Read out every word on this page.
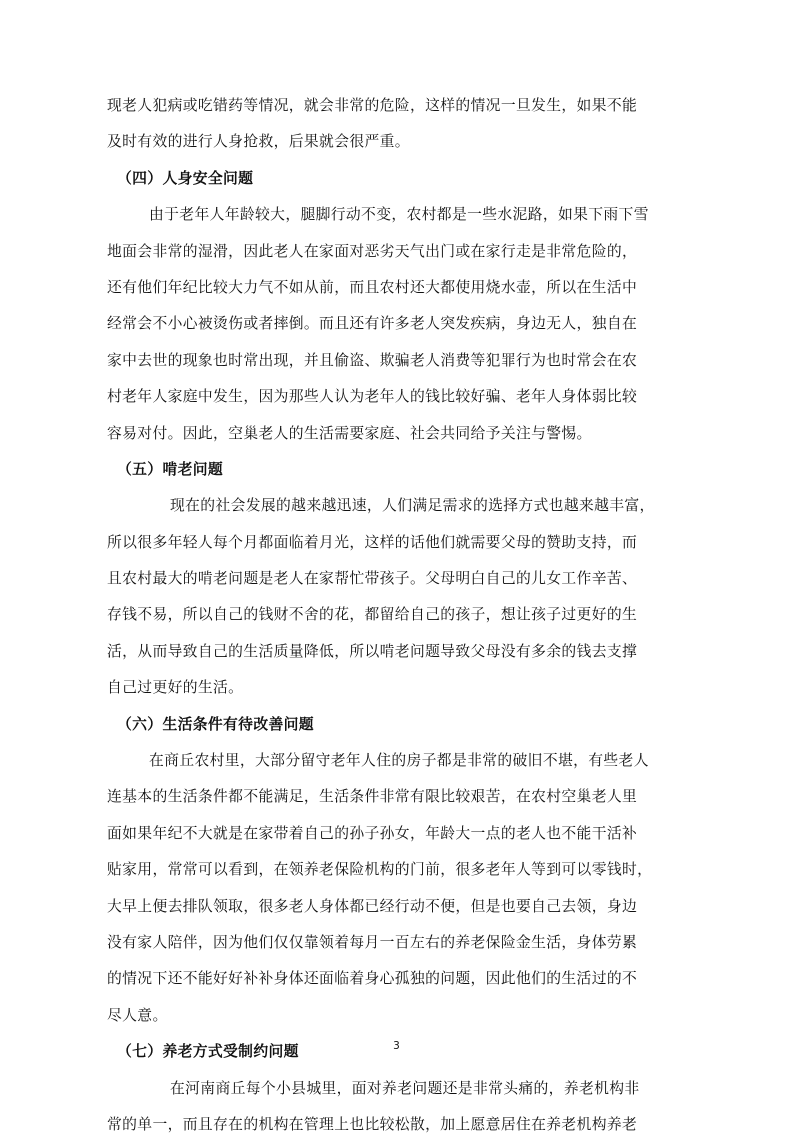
现老人犯病或吃错药等情况，就会非常的危险，这样的情况一旦发生，如果不能
及时有效的进行人身抢救，后果就会很严重。
（四）人身安全问题
由于老年人年龄较大，腿脚行动不变，农村都是一些水泥路，如果下雨下雪
地面会非常的湿滑，因此老人在家面对恶劣天气出门或在家行走是非常危险的，
还有他们年纪比较大力气不如从前，而且农村还大都使用烧水壶，所以在生活中
经常会不小心被烫伤或者摔倒。而且还有许多老人突发疾病，身边无人，独自在
家中去世的现象也时常出现，并且偷盗、欺骗老人消费等犯罪行为也时常会在农
村老年人家庭中发生，因为那些人认为老年人的钱比较好骗、老年人身体弱比较
容易对付。因此，空巢老人的生活需要家庭、社会共同给予关注与警惕。
（五）啃老问题
现在的社会发展的越来越迅速，人们满足需求的选择方式也越来越丰富，
所以很多年轻人每个月都面临着月光，这样的话他们就需要父母的赞助支持，而
且农村最大的啃老问题是老人在家帮忙带孩子。父母明白自己的儿女工作辛苦、
存钱不易，所以自己的钱财不舍的花，都留给自己的孩子，想让孩子过更好的生
活，从而导致自己的生活质量降低，所以啃老问题导致父母没有多余的钱去支撑
自己过更好的生活。
（六）生活条件有待改善问题
在商丘农村里，大部分留守老年人住的房子都是非常的破旧不堪，有些老人
连基本的生活条件都不能满足，生活条件非常有限比较艰苦，在农村空巢老人里
面如果年纪不大就是在家带着自己的孙子孙女，年龄大一点的老人也不能干活补
贴家用，常常可以看到，在领养老保险机构的门前，很多老年人等到可以零钱时，
大早上便去排队领取，很多老人身体都已经行动不便，但是也要自己去领，身边
没有家人陪伴，因为他们仅仅靠领着每月一百左右的养老保险金生活，身体劳累
的情况下还不能好好补补身体还面临着身心孤独的问题，因此他们的生活过的不
尽人意。
（七）养老方式受制约问题
在河南商丘每个小县城里，面对养老问题还是非常头痛的，养老机构非
常的单一，而且存在的机构在管理上也比较松散，加上愿意居住在养老机构养老
3
